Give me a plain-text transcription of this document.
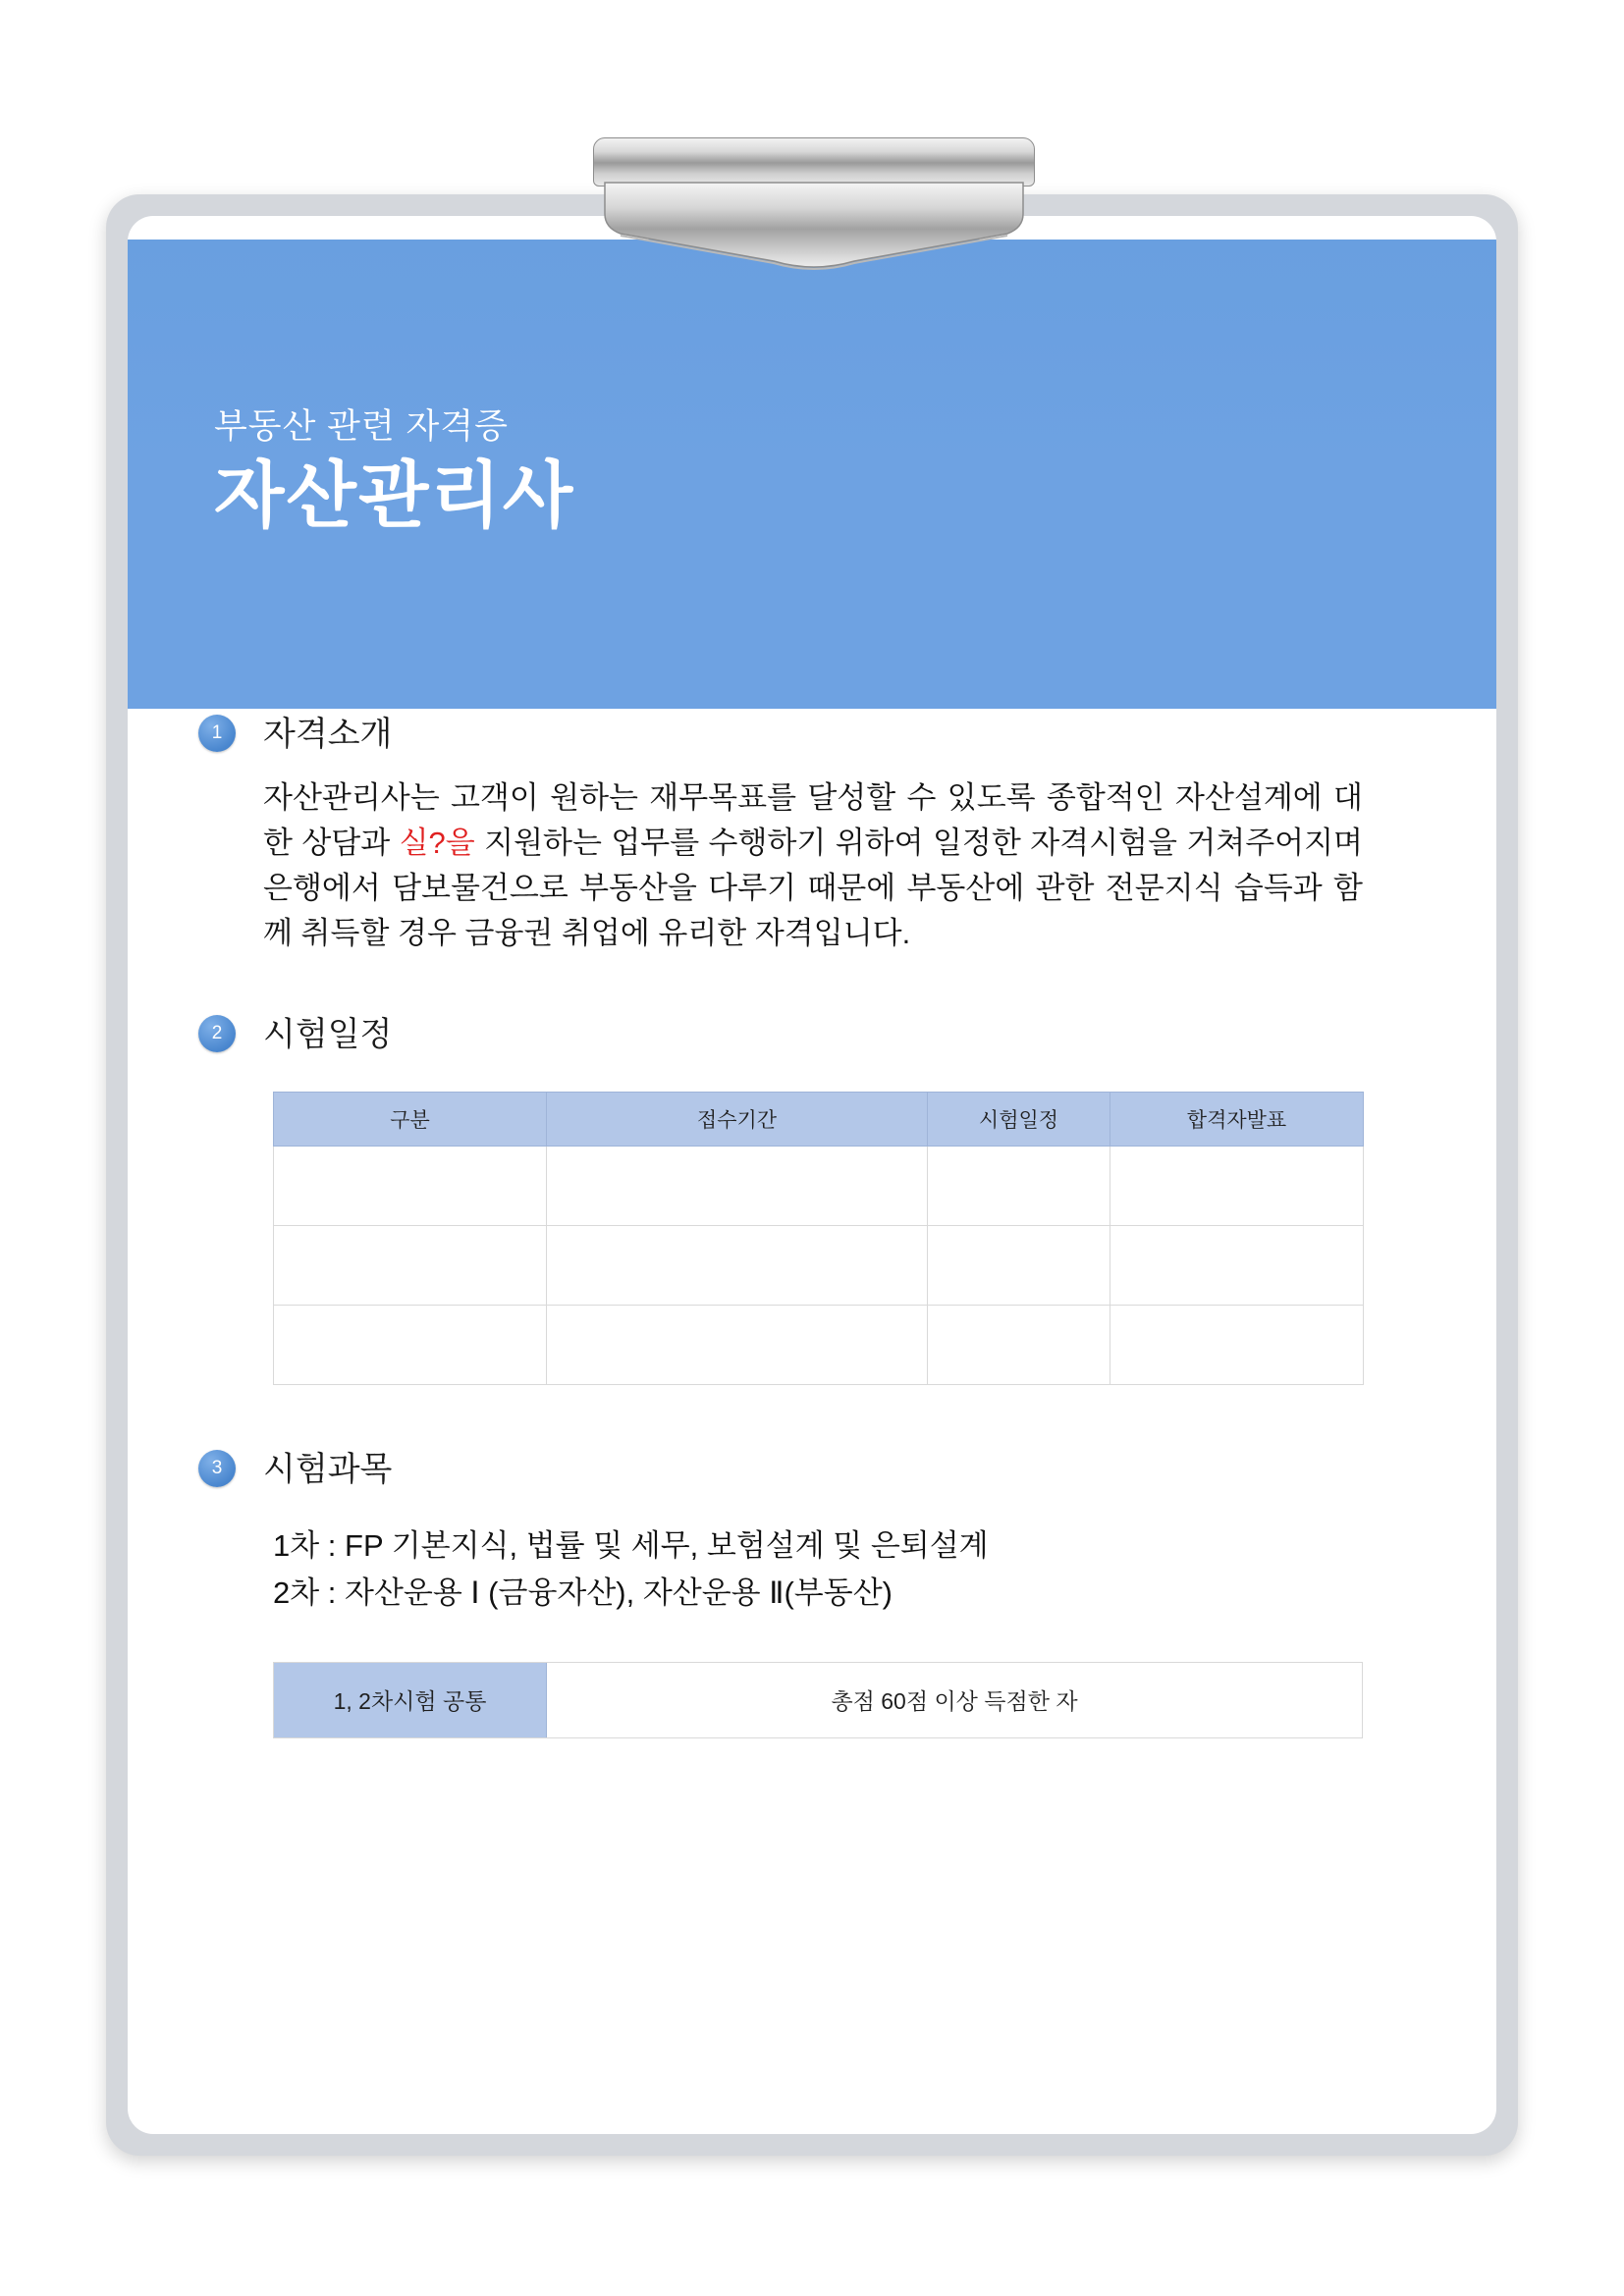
부동산 관련 자격증
자산관리사
1	자격소개

자산관리사는 고객이 원하는 재무목표를 달성할 수 있도록 종합적인 자산설계에 대한 상담과 실?을 지원하는 업무를 수행하기 위하여 일정한 자격시험을 거쳐주어지며 은행에서 담보물건으로 부동산을 다루기 때문에 부동산에 관한 전문지식 습득과 함께 취득할 경우 금융권 취업에 유리한 자격입니다.

2	시험일정
구분	접수기간	시험일정	합격자발표

3	시험과목
1차 : FP 기본지식, 법률 및 세무, 보험설계 및 은퇴설계
2차 : 자산운용 Ⅰ (금융자산), 자산운용 Ⅱ(부동산)
1, 2차시험 공통	총점 60점 이상 득점한 자
